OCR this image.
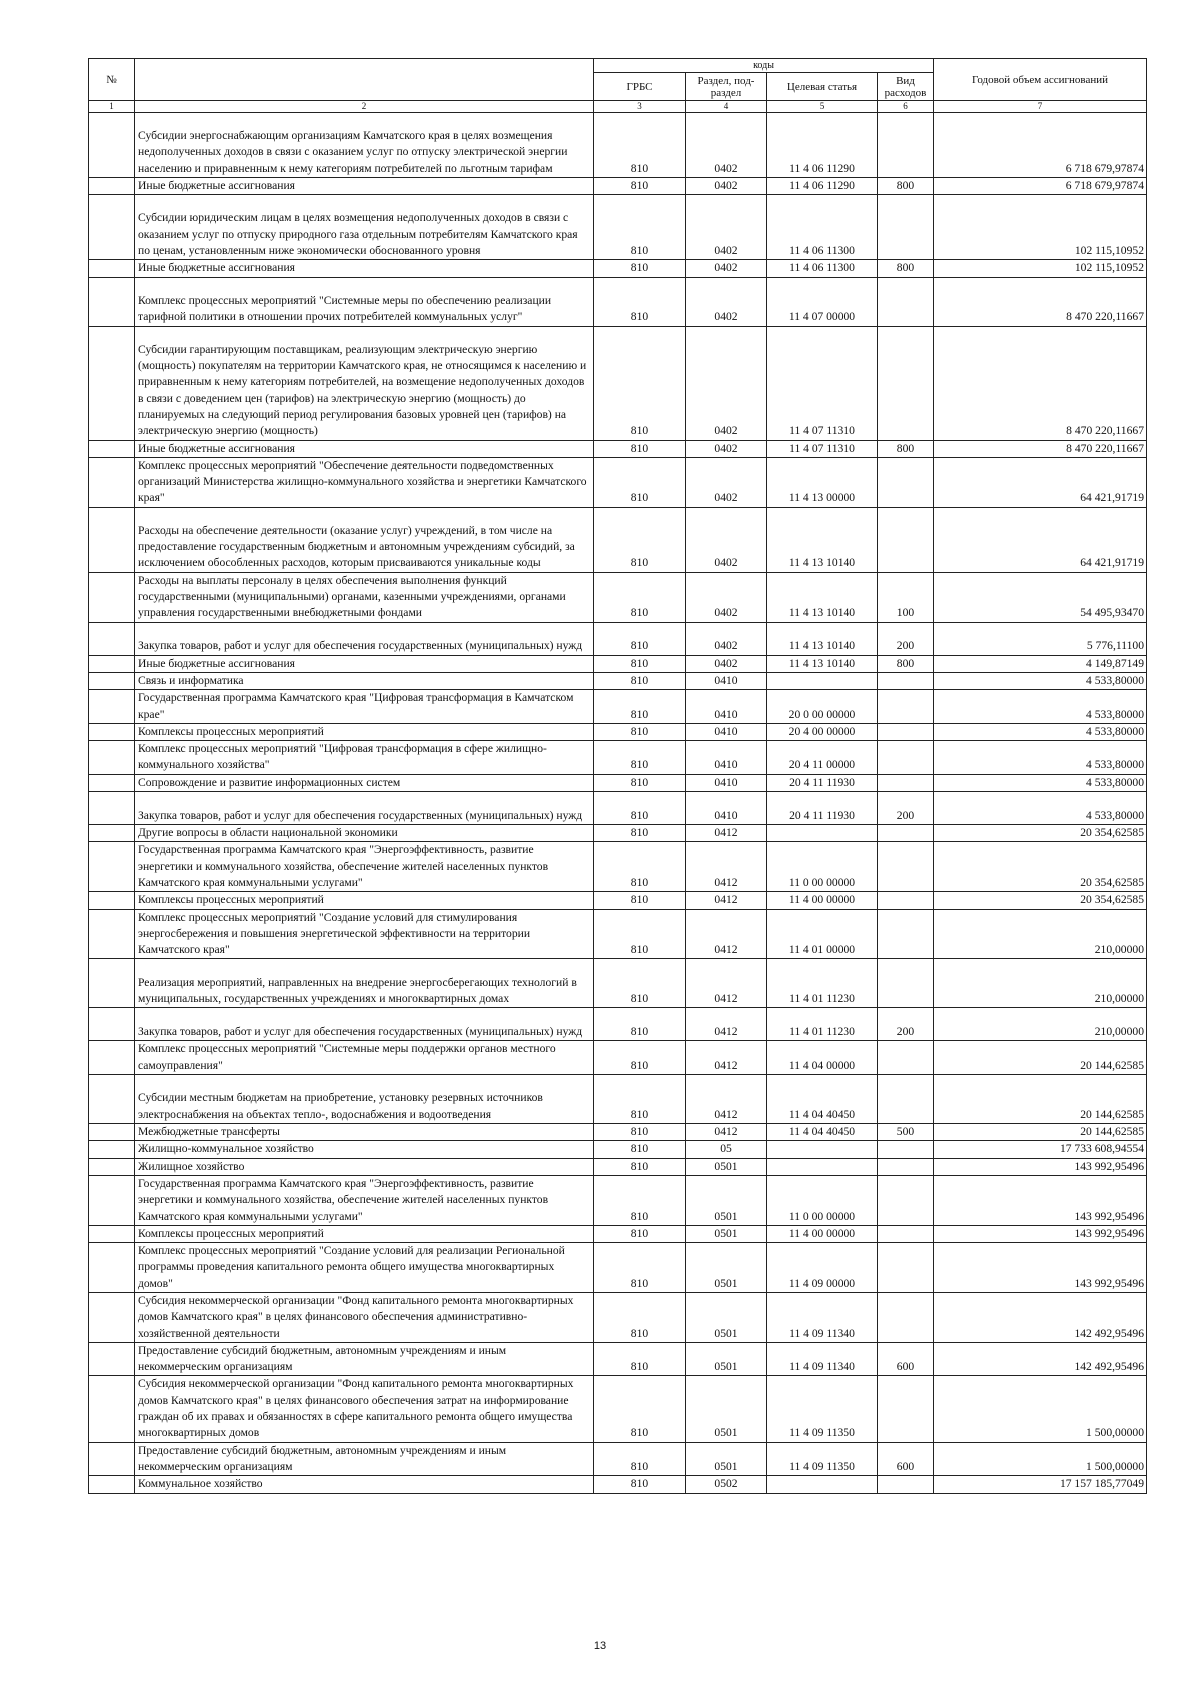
№		коды				Годовой объем ассигнований
		ГРБС	Раздел, под-раздел	Целевая статья	Вид расходов	
1	2	3	4	5	6	7
	Субсидии энергоснабжающим организациям Камчатского края в целях возмещения недополученных доходов в связи с оказанием услуг по отпуску электрической энергии населению и приравненным к нему категориям потребителей по льготным тарифам	810	0402	11 4 06 11290		6 718 679,97874
	Иные бюджетные ассигнования	810	0402	11 4 06 11290	800	6 718 679,97874
	Субсидии юридическим лицам в целях возмещения недополученных доходов в связи с оказанием услуг по отпуску природного газа отдельным потребителям Камчатского края по ценам, установленным ниже экономически обоснованного уровня	810	0402	11 4 06 11300		102 115,10952
	Иные бюджетные ассигнования	810	0402	11 4 06 11300	800	102 115,10952
	Комплекс процессных мероприятий "Системные меры по обеспечению реализации тарифной политики в отношении прочих потребителей коммунальных услуг"	810	0402	11 4 07 00000		8 470 220,11667
	Субсидии гарантирующим поставщикам, реализующим электрическую энергию (мощность) покупателям на территории Камчатского края, не относящимся к населению и приравненным к нему категориям потребителей, на возмещение недополученных доходов в связи с доведением цен (тарифов) на электрическую энергию (мощность) до планируемых на следующий период регулирования базовых уровней цен (тарифов) на электрическую энергию (мощность)	810	0402	11 4 07 11310		8 470 220,11667
	Иные бюджетные ассигнования	810	0402	11 4 07 11310	800	8 470 220,11667
	Комплекс процессных мероприятий "Обеспечение деятельности подведомственных организаций Министерства жилищно-коммунального хозяйства и энергетики Камчатского края"	810	0402	11 4 13 00000		64 421,91719
	Расходы на обеспечение деятельности (оказание услуг) учреждений, в том числе на предоставление государственным бюджетным и автономным учреждениям субсидий, за исключением обособленных расходов, которым присваиваются уникальные коды	810	0402	11 4 13 10140		64 421,91719
	Расходы на выплаты персоналу в целях обеспечения выполнения функций государственными (муниципальными) органами, казенными учреждениями, органами управления государственными внебюджетными фондами	810	0402	11 4 13 10140	100	54 495,93470
	Закупка товаров, работ и услуг для обеспечения государственных (муниципальных) нужд	810	0402	11 4 13 10140	200	5 776,11100
	Иные бюджетные ассигнования	810	0402	11 4 13 10140	800	4 149,87149
	Связь и информатика	810	0410			4 533,80000
	Государственная программа Камчатского края "Цифровая трансформация в Камчатском крае"	810	0410	20 0 00 00000		4 533,80000
	Комплексы процессных мероприятий	810	0410	20 4 00 00000		4 533,80000
	Комплекс процессных мероприятий "Цифровая трансформация в сфере жилищно-коммунального хозяйства"	810	0410	20 4 11 00000		4 533,80000
	Сопровождение и развитие информационных систем	810	0410	20 4 11 11930		4 533,80000
	Закупка товаров, работ и услуг для обеспечения государственных (муниципальных) нужд	810	0410	20 4 11 11930	200	4 533,80000
	Другие вопросы в области национальной экономики	810	0412			20 354,62585
	Государственная программа Камчатского края "Энергоэффективность, развитие энергетики и коммунального хозяйства, обеспечение жителей населенных пунктов Камчатского края коммунальными услугами"	810	0412	11 0 00 00000		20 354,62585
	Комплексы процессных мероприятий	810	0412	11 4 00 00000		20 354,62585
	Комплекс процессных мероприятий "Создание условий для стимулирования энергосбережения и повышения энергетической эффективности на территории Камчатского края"	810	0412	11 4 01 00000		210,00000
	Реализация мероприятий, направленных на внедрение энергосберегающих технологий в муниципальных, государственных учреждениях и многоквартирных домах	810	0412	11 4 01 11230		210,00000
	Закупка товаров, работ и услуг для обеспечения государственных (муниципальных) нужд	810	0412	11 4 01 11230	200	210,00000
	Комплекс процессных мероприятий "Системные меры поддержки органов местного самоуправления"	810	0412	11 4 04 00000		20 144,62585
	Субсидии местным бюджетам на приобретение, установку резервных источников электроснабжения на объектах тепло-, водоснабжения и водоотведения	810	0412	11 4 04 40450		20 144,62585
	Межбюджетные трансферты	810	0412	11 4 04 40450	500	20 144,62585
	Жилищно-коммунальное хозяйство	810	05			17 733 608,94554
	Жилищное хозяйство	810	0501			143 992,95496
	Государственная программа Камчатского края "Энергоэффективность, развитие энергетики и коммунального хозяйства, обеспечение жителей населенных пунктов Камчатского края коммунальными услугами"	810	0501	11 0 00 00000		143 992,95496
	Комплексы процессных мероприятий	810	0501	11 4 00 00000		143 992,95496
	Комплекс процессных мероприятий "Создание условий для реализации Региональной программы проведения капитального ремонта общего имущества многоквартирных домов"	810	0501	11 4 09 00000		143 992,95496
	Субсидия некоммерческой организации "Фонд капитального ремонта многоквартирных домов Камчатского края" в целях финансового обеспечения административно-хозяйственной деятельности	810	0501	11 4 09 11340		142 492,95496
	Предоставление субсидий бюджетным, автономным учреждениям и иным некоммерческим организациям	810	0501	11 4 09 11340	600	142 492,95496
	Субсидия некоммерческой организации "Фонд капитального ремонта многоквартирных домов Камчатского края" в целях финансового обеспечения затрат на информирование граждан об их правах и обязанностях в сфере капитального ремонта общего имущества многоквартирных домов	810	0501	11 4 09 11350		1 500,00000
	Предоставление субсидий бюджетным, автономным учреждениям и иным некоммерческим организациям	810	0501	11 4 09 11350	600	1 500,00000
	Коммунальное хозяйство	810	0502			17 157 185,77049
13
